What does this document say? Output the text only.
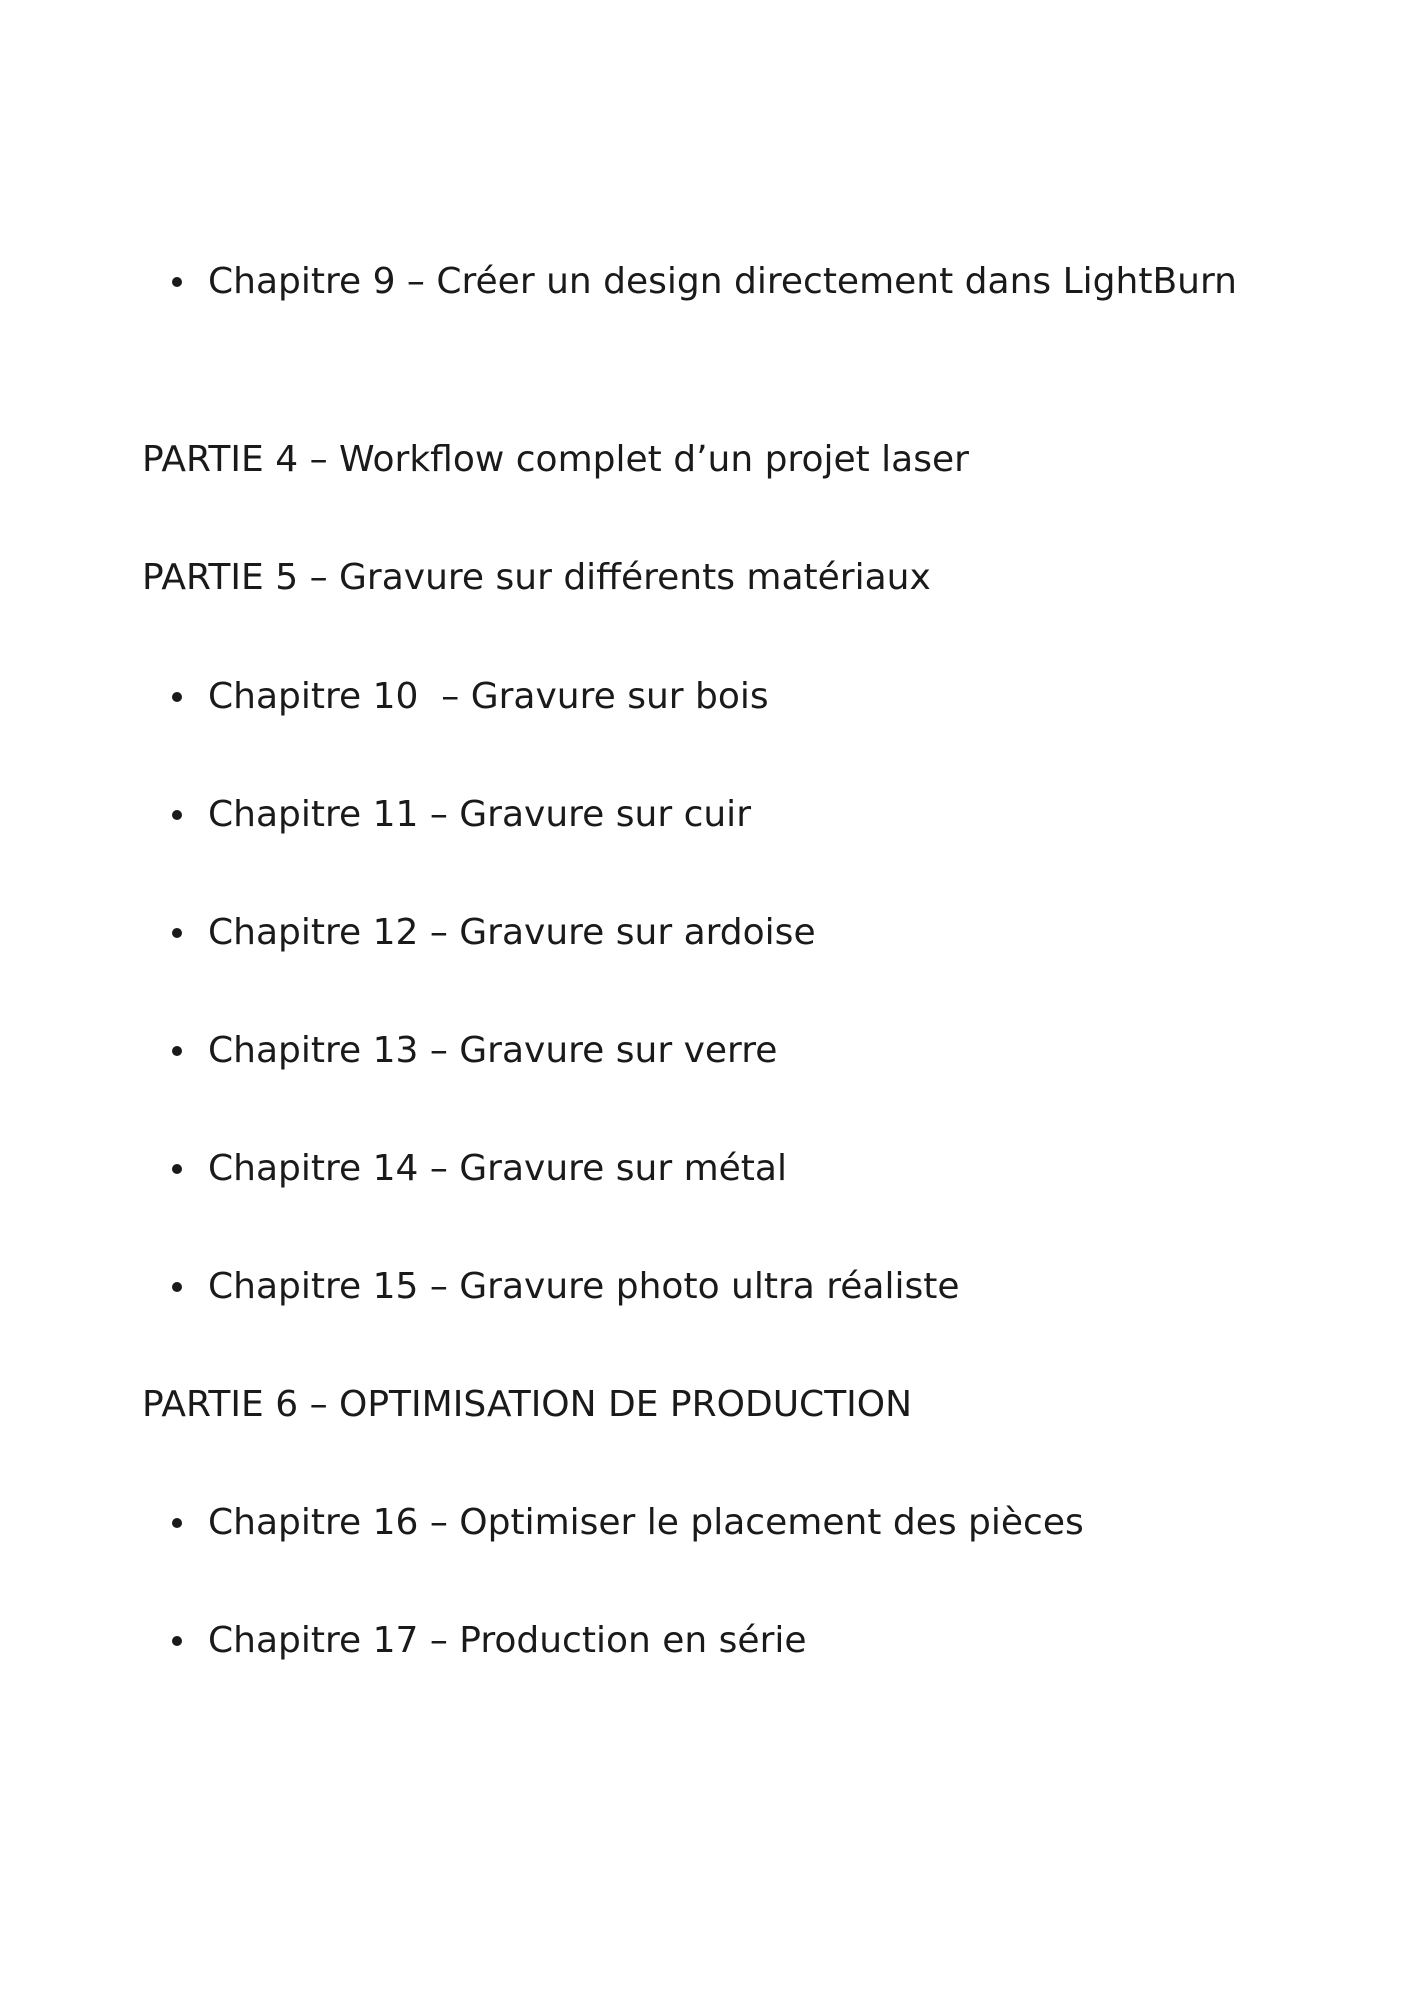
Chapitre 9 – Créer un design directement dans LightBurn

PARTIE 4 – Workflow complet d’un projet laser
PARTIE 5 – Gravure sur différents matériaux

Chapitre 10  – Gravure sur bois

Chapitre 11 – Gravure sur cuir

Chapitre 12 – Gravure sur ardoise

Chapitre 13 – Gravure sur verre

Chapitre 14 – Gravure sur métal

Chapitre 15 – Gravure photo ultra réaliste

PARTIE 6 – OPTIMISATION DE PRODUCTION

Chapitre 16 – Optimiser le placement des pièces

Chapitre 17 – Production en série
